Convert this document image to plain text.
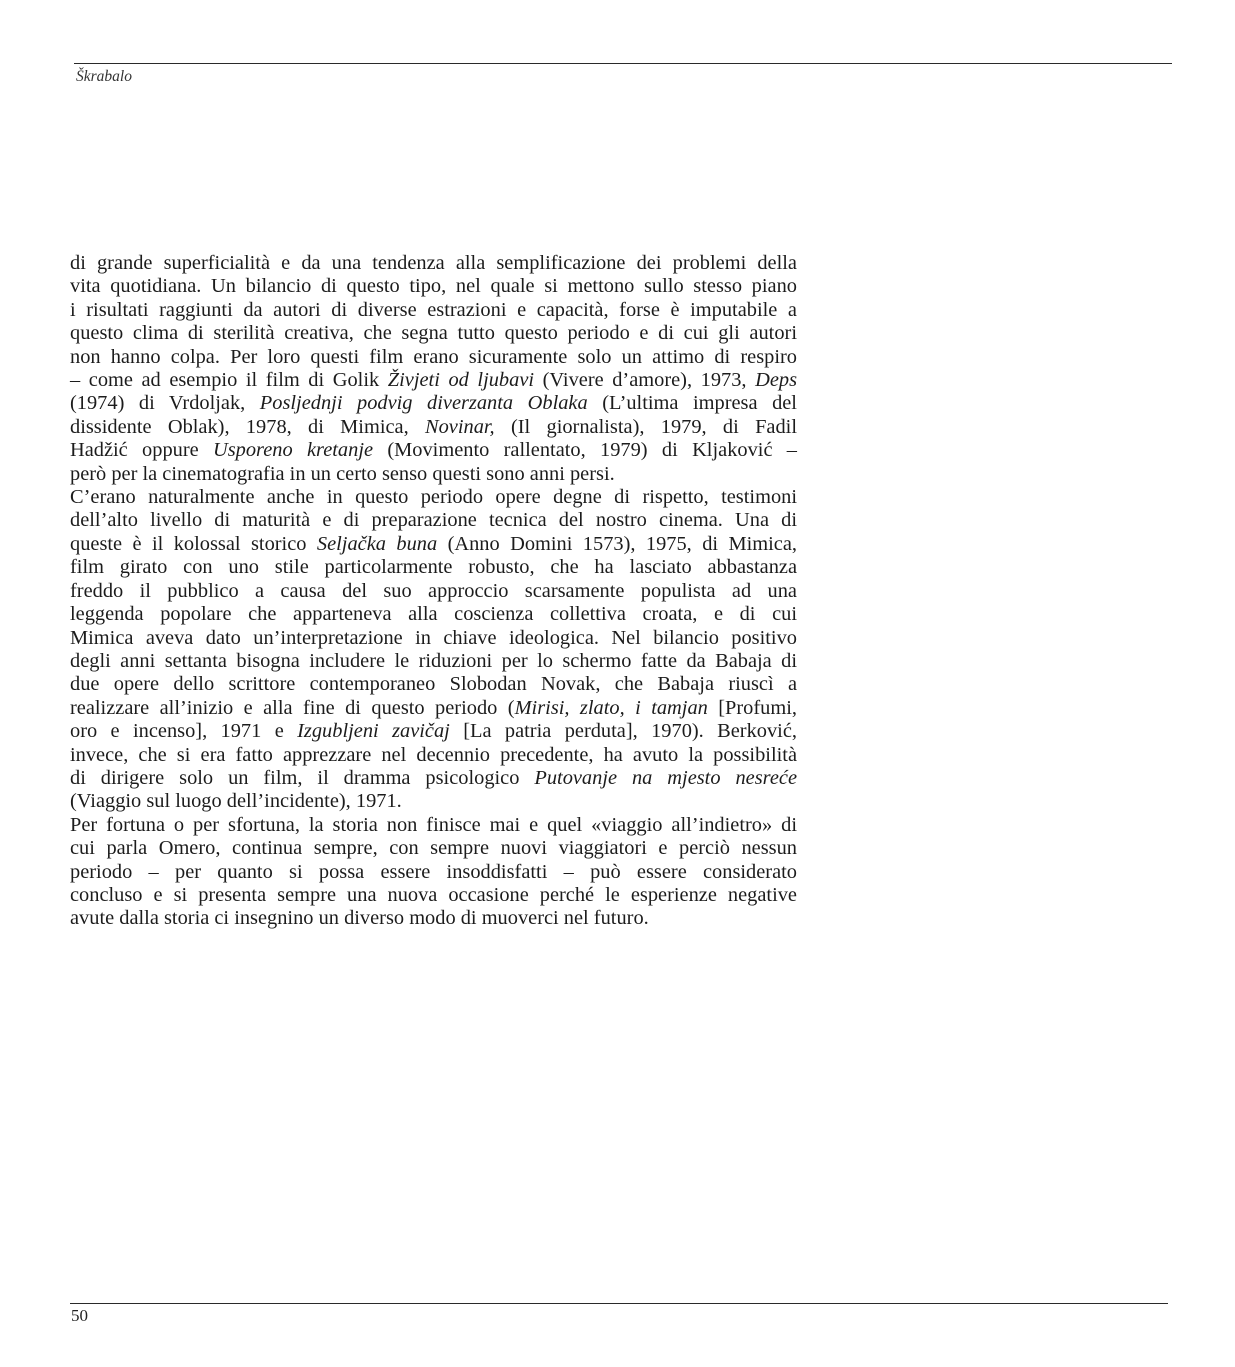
Škrabalo
di grande superficialità e da una tendenza alla semplificazione dei problemi della
vita quotidiana. Un bilancio di questo tipo, nel quale si mettono sullo stesso piano
i risultati raggiunti da autori di diverse estrazioni e capacità, forse è imputabile a
questo clima di sterilità creativa, che segna tutto questo periodo e di cui gli autori
non hanno colpa. Per loro questi film erano sicuramente solo un attimo di respiro
– come ad esempio il film di Golik Živjeti od ljubavi (Vivere d’amore), 1973, Deps
(1974) di Vrdoljak, Posljednji podvig diverzanta Oblaka (L’ultima impresa del
dissidente Oblak), 1978, di Mimica, Novinar, (Il giornalista), 1979, di Fadil
Hadžić oppure Usporeno kretanje (Movimento rallentato, 1979) di Kljaković –
però per la cinematografia in un certo senso questi sono anni persi.
C’erano naturalmente anche in questo periodo opere degne di rispetto, testimoni
dell’alto livello di maturità e di preparazione tecnica del nostro cinema. Una di
queste è il kolossal storico Seljačka buna (Anno Domini 1573), 1975, di Mimica,
film girato con uno stile particolarmente robusto, che ha lasciato abbastanza
freddo il pubblico a causa del suo approccio scarsamente populista ad una
leggenda popolare che apparteneva alla coscienza collettiva croata, e di cui
Mimica aveva dato un’interpretazione in chiave ideologica. Nel bilancio positivo
degli anni settanta bisogna includere le riduzioni per lo schermo fatte da Babaja di
due opere dello scrittore contemporaneo Slobodan Novak, che Babaja riuscì a
realizzare all’inizio e alla fine di questo periodo (Mirisi, zlato, i tamjan [Profumi,
oro e incenso], 1971 e Izgubljeni zavičaj [La patria perduta], 1970). Berković,
invece, che si era fatto apprezzare nel decennio precedente, ha avuto la possibilità
di dirigere solo un film, il dramma psicologico Putovanje na mjesto nesreće
(Viaggio sul luogo dell’incidente), 1971.
Per fortuna o per sfortuna, la storia non finisce mai e quel «viaggio all’indietro» di
cui parla Omero, continua sempre, con sempre nuovi viaggiatori e perciò nessun
periodo – per quanto si possa essere insoddisfatti – può essere considerato
concluso e si presenta sempre una nuova occasione perché le esperienze negative
avute dalla storia ci insegnino un diverso modo di muoverci nel futuro.
50
